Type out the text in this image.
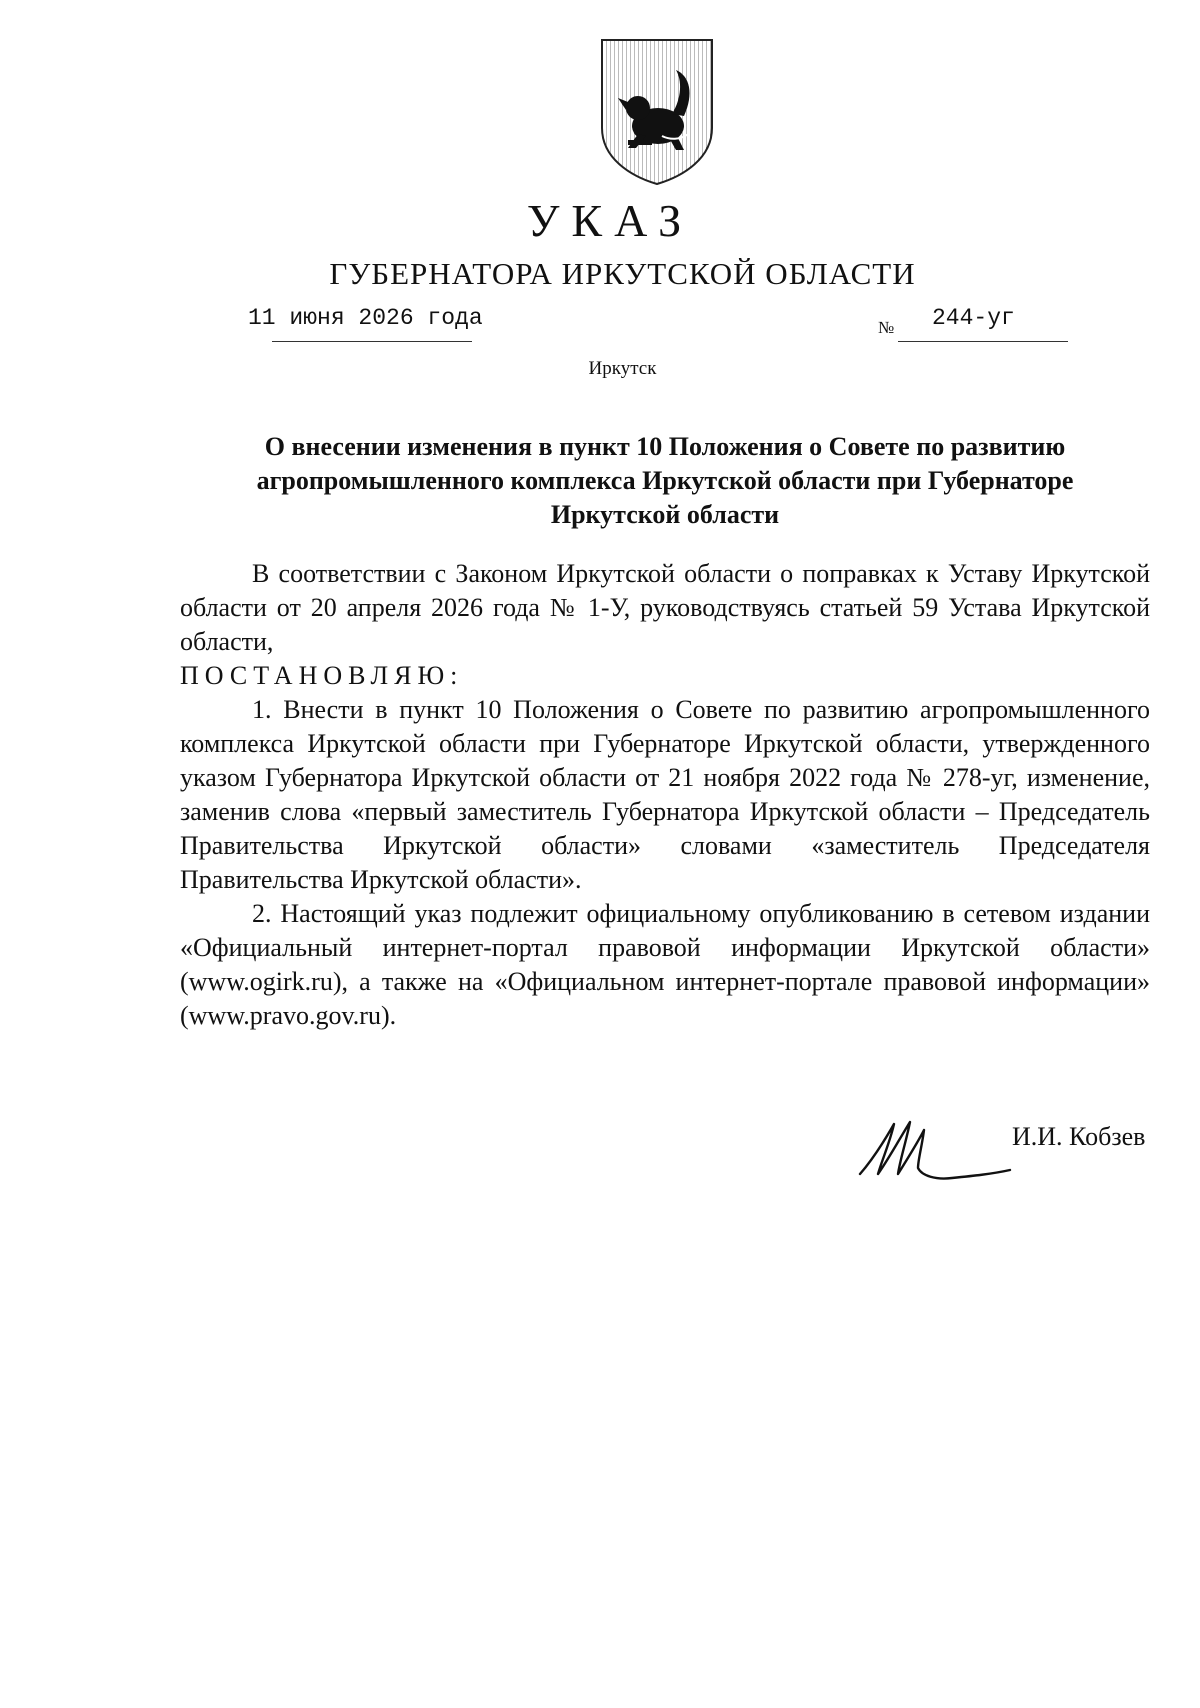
УКАЗ
ГУБЕРНАТОРА ИРКУТСКОЙ ОБЛАСТИ
11 июня 2026 года	№	244-уг
Иркутск
О внесении изменения в пункт 10 Положения о Совете по развитию агропромышленного комплекса Иркутской области при Губернаторе Иркутской области

В соответствии с Законом Иркутской области о поправках к Уставу Иркутской области от 20 апреля 2026 года № 1-У, руководствуясь статьей 59 Устава Иркутской области,

ПОСТАНОВЛЯЮ:

1. Внести в пункт 10 Положения о Совете по развитию агропромышленного комплекса Иркутской области при Губернаторе Иркутской области, утвержденного указом Губернатора Иркутской области от 21 ноября 2022 года № 278-уг, изменение, заменив слова «первый заместитель Губернатора Иркутской области – Председатель Правительства Иркутской области» словами «заместитель Председателя Правительства Иркутской области».

2. Настоящий указ подлежит официальному опубликованию в сетевом издании «Официальный интернет-портал правовой информации Иркутской области» (www.ogirk.ru), а также на «Официальном интернет-портале правовой информации» (www.pravo.gov.ru).

И.И. Кобзев
